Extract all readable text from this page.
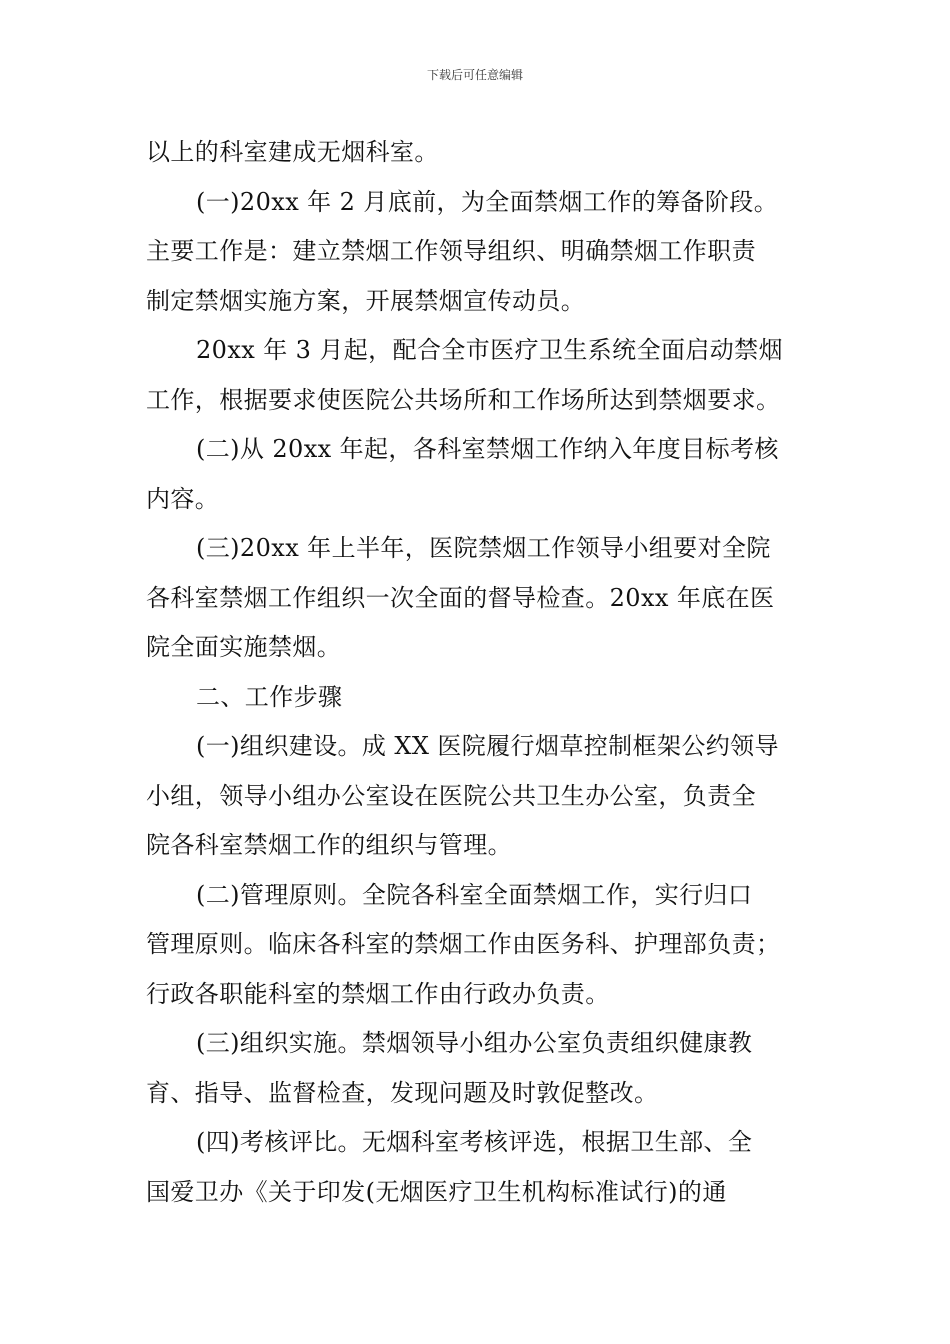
下载后可任意编辑

以上的科室建成无烟科室。

(一)20xx 年 2 月底前，为全面禁烟工作的筹备阶段。
主要工作是：建立禁烟工作领导组织、明确禁烟工作职责
制定禁烟实施方案，开展禁烟宣传动员。

20xx 年 3 月起，配合全市医疗卫生系统全面启动禁烟
工作，根据要求使医院公共场所和工作场所达到禁烟要求。

(二)从 20xx 年起，各科室禁烟工作纳入年度目标考核
内容。

(三)20xx 年上半年，医院禁烟工作领导小组要对全院
各科室禁烟工作组织一次全面的督导检查。20xx 年底在医
院全面实施禁烟。

二、工作步骤

(一)组织建设。成 XX 医院履行烟草控制框架公约领导
小组，领导小组办公室设在医院公共卫生办公室，负责全
院各科室禁烟工作的组织与管理。

(二)管理原则。全院各科室全面禁烟工作，实行归口
管理原则。临床各科室的禁烟工作由医务科、护理部负责；
行政各职能科室的禁烟工作由行政办负责。

(三)组织实施。禁烟领导小组办公室负责组织健康教
育、指导、监督检查，发现问题及时敦促整改。

(四)考核评比。无烟科室考核评选，根据卫生部、全
国爱卫办《关于印发(无烟医疗卫生机构标准试行)的通
